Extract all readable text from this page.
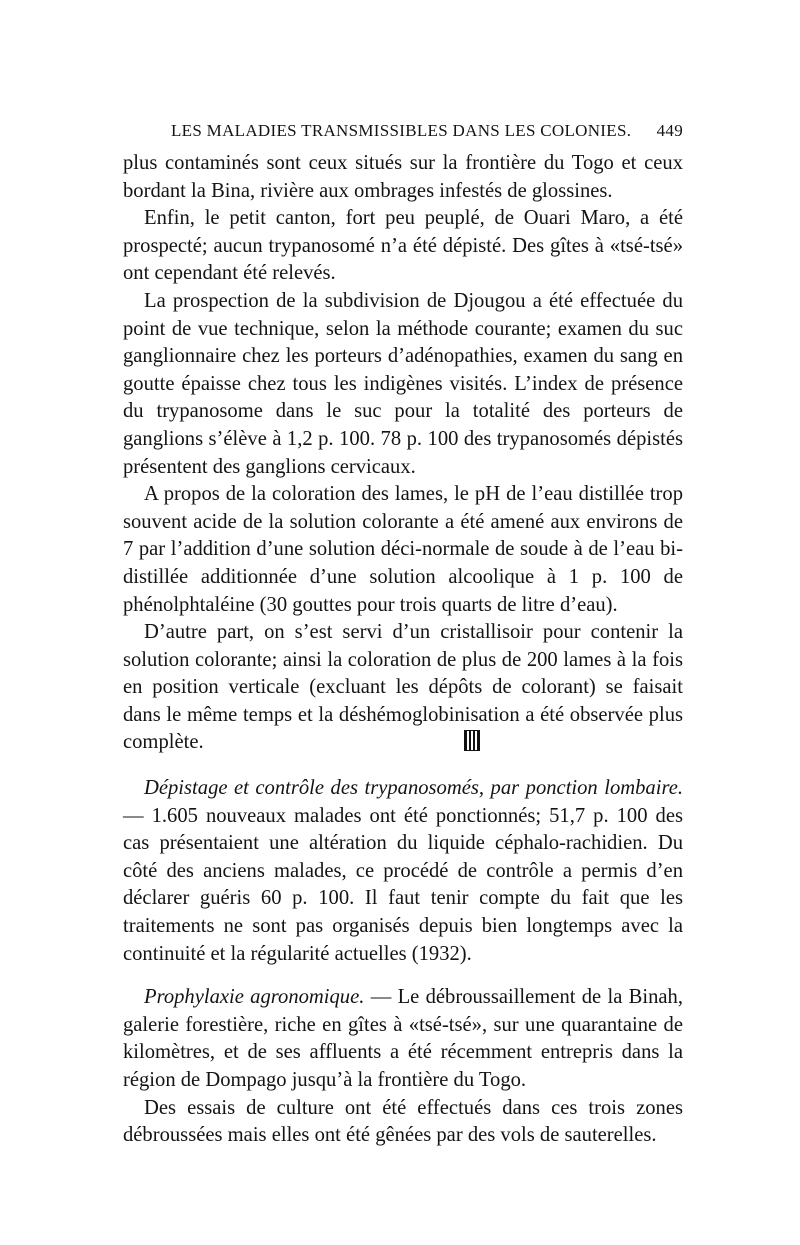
LES MALADIES TRANSMISSIBLES DANS LES COLONIES. 449

plus contaminés sont ceux situés sur la frontière du Togo et ceux bordant la Bina, rivière aux ombrages infestés de glossines.

Enfin, le petit canton, fort peu peuplé, de Ouari Maro, a été prospecté; aucun trypanosomé n’a été dépisté. Des gîtes à «tsé-tsé» ont cependant été relevés.

La prospection de la subdivision de Djougou a été effectuée du point de vue technique, selon la méthode courante; examen du suc ganglionnaire chez les porteurs d’adénopathies, examen du sang en goutte épaisse chez tous les indigènes visités. L’index de présence du trypanosome dans le suc pour la totalité des porteurs de ganglions s’élève à 1,2 p. 100. 78 p. 100 des trypanosomés dépistés présentent des ganglions cervicaux.

A propos de la coloration des lames, le pH de l’eau distillée trop souvent acide de la solution colorante a été amené aux environs de 7 par l’addition d’une solution déci-normale de soude à de l’eau bi-distillée additionnée d’une solution alcoolique à 1 p. 100 de phénolphtaléine (30 gouttes pour trois quarts de litre d’eau).

D’autre part, on s’est servi d’un cristallisoir pour contenir la solution colorante; ainsi la coloration de plus de 200 lames à la fois en position verticale (excluant les dépôts de colorant) se faisait dans le même temps et la déshémoglobinisation a été observée plus complète.

Dépistage et contrôle des trypanosomés, par ponction lombaire. — 1.605 nouveaux malades ont été ponctionnés; 51,7 p. 100 des cas présentaient une altération du liquide céphalo-rachidien. Du côté des anciens malades, ce procédé de contrôle a permis d’en déclarer guéris 60 p. 100. Il faut tenir compte du fait que les traitements ne sont pas organisés depuis bien longtemps avec la continuité et la régularité actuelles (1932).

Prophylaxie agronomique. — Le débroussaillement de la Binah, galerie forestière, riche en gîtes à «tsé-tsé», sur une quarantaine de kilomètres, et de ses affluents a été récemment entrepris dans la région de Dompago jusqu’à la frontière du Togo.

Des essais de culture ont été effectués dans ces trois zones débroussées mais elles ont été gênées par des vols de sauterelles.
